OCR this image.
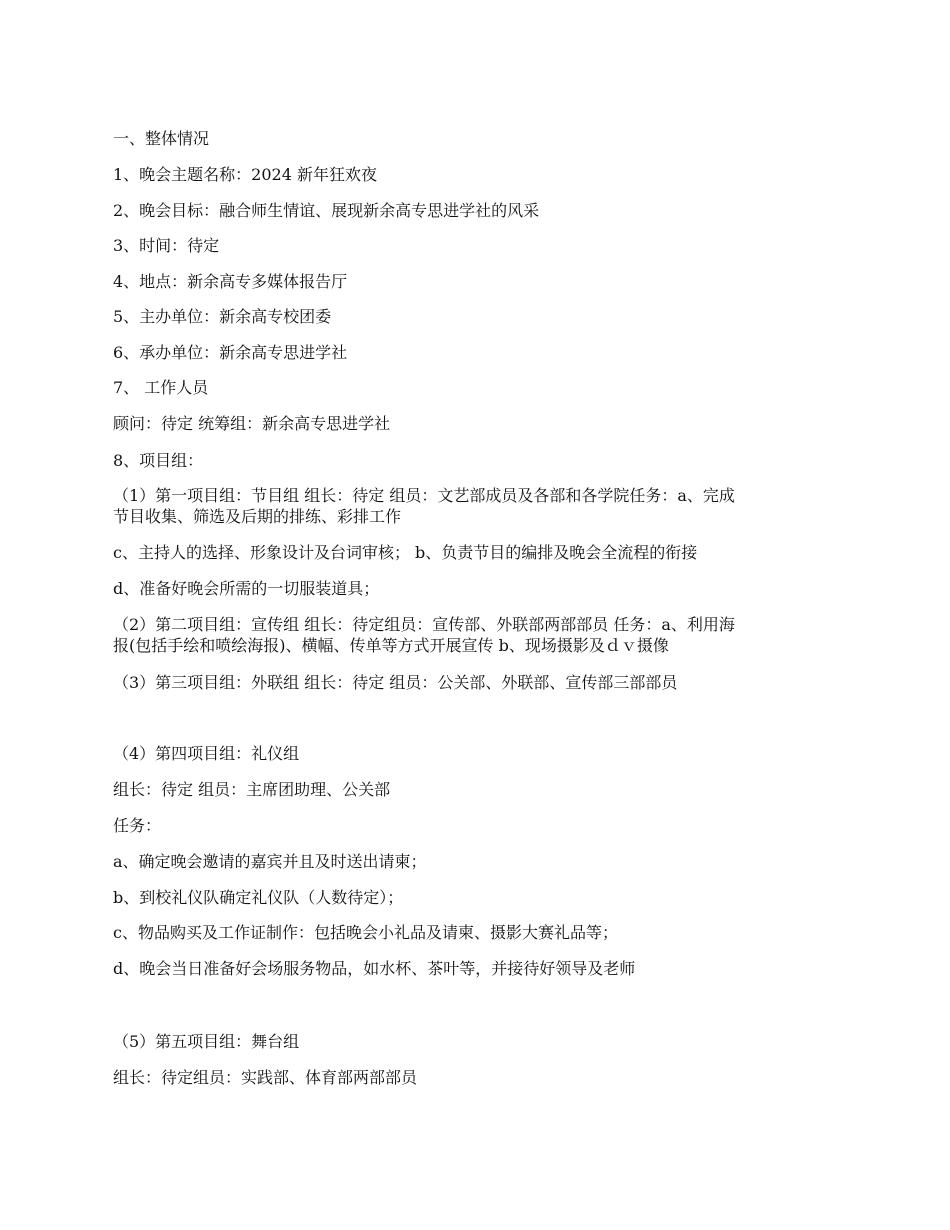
一、整体情况

1、晚会主题名称：2024 新年狂欢夜

2、晚会目标：融合师生情谊、展现新余高专思进学社的风采

3、时间：待定

4、地点：新余高专多媒体报告厅

5、主办单位：新余高专校团委

6、承办单位：新余高专思进学社

7、 工作人员

顾问：待定 统筹组：新余高专思进学社

8、项目组：

（1）第一项目组：节目组 组长：待定 组员：文艺部成员及各部和各学院任务：a、完成

节目收集、筛选及后期的排练、彩排工作

c、主持人的选择、形象设计及台词审核； b、负责节目的编排及晚会全流程的衔接

d、准备好晚会所需的一切服装道具；

（2）第二项目组：宣传组 组长：待定组员：宣传部、外联部两部部员 任务：a、利用海

报(包括手绘和喷绘海报)、横幅、传单等方式开展宣传 b、现场摄影及ｄｖ摄像

（3）第三项目组：外联组 组长：待定 组员：公关部、外联部、宣传部三部部员

（4）第四项目组：礼仪组

组长：待定 组员：主席团助理、公关部

任务：

a、确定晚会邀请的嘉宾并且及时送出请柬；

b、到校礼仪队确定礼仪队（人数待定）；

c、物品购买及工作证制作：包括晚会小礼品及请柬、摄影大赛礼品等；

d、晚会当日准备好会场服务物品，如水杯、茶叶等，并接待好领导及老师

（5）第五项目组：舞台组

组长：待定组员：实践部、体育部两部部员
